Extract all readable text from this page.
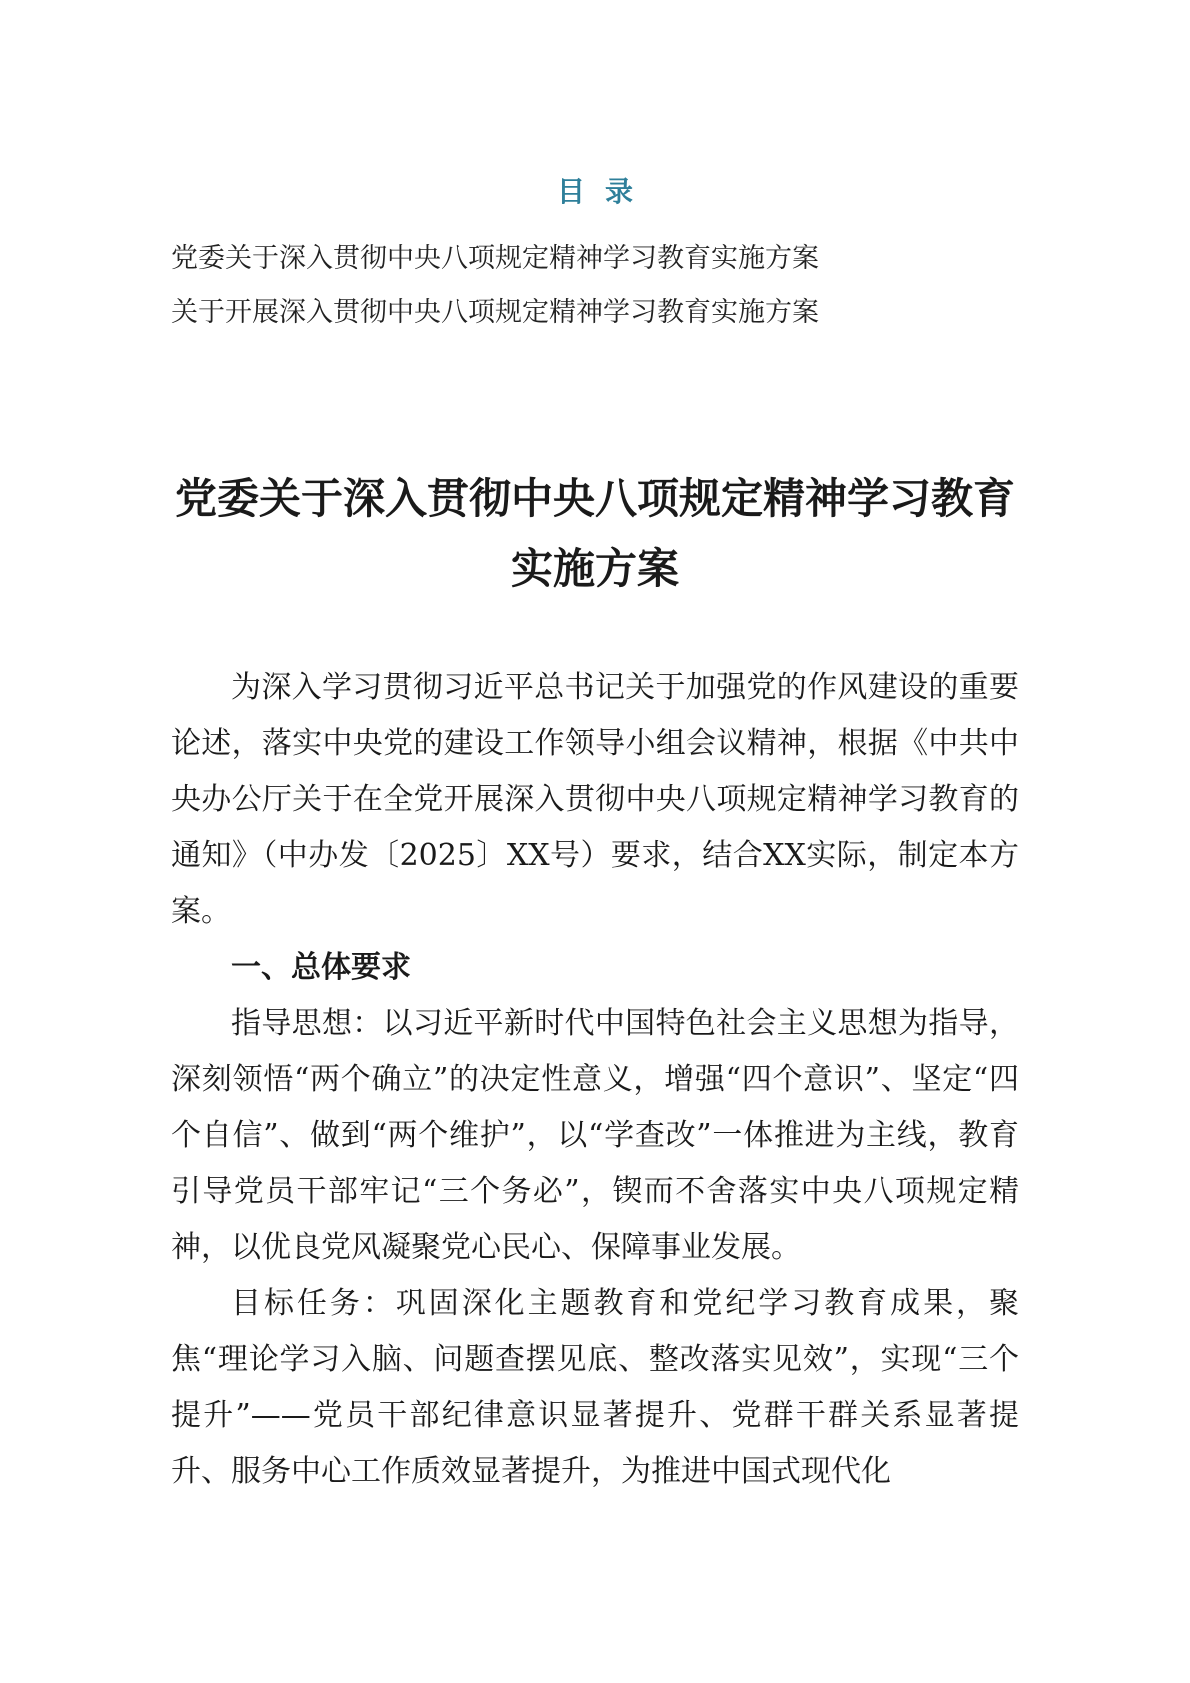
目录
党委关于深入贯彻中央八项规定精神学习教育实施方案
关于开展深入贯彻中央八项规定精神学习教育实施方案
党委关于深入贯彻中央八项规定精神学习教育实施方案

为深入学习贯彻习近平总书记关于加强党的作风建设的重要论述，落实中央党的建设工作领导小组会议精神，根据《中共中央办公厅关于在全党开展深入贯彻中央八项规定精神学习教育的通知》（中办发〔2025〕XX号）要求，结合XX实际，制定本方案。

一、总体要求

指导思想：以习近平新时代中国特色社会主义思想为指导，深刻领悟“两个确立”的决定性意义，增强“四个意识”、坚定“四个自信”、做到“两个维护”，以“学查改”一体推进为主线，教育引导党员干部牢记“三个务必”，锲而不舍落实中央八项规定精神，以优良党风凝聚党心民心、保障事业发展。

目标任务：巩固深化主题教育和党纪学习教育成果，聚焦“理论学习入脑、问题查摆见底、整改落实见效”，实现“三个提升”——党员干部纪律意识显著提升、党群干群关系显著提升、服务中心工作质效显著提升，为推进中国式现代化
